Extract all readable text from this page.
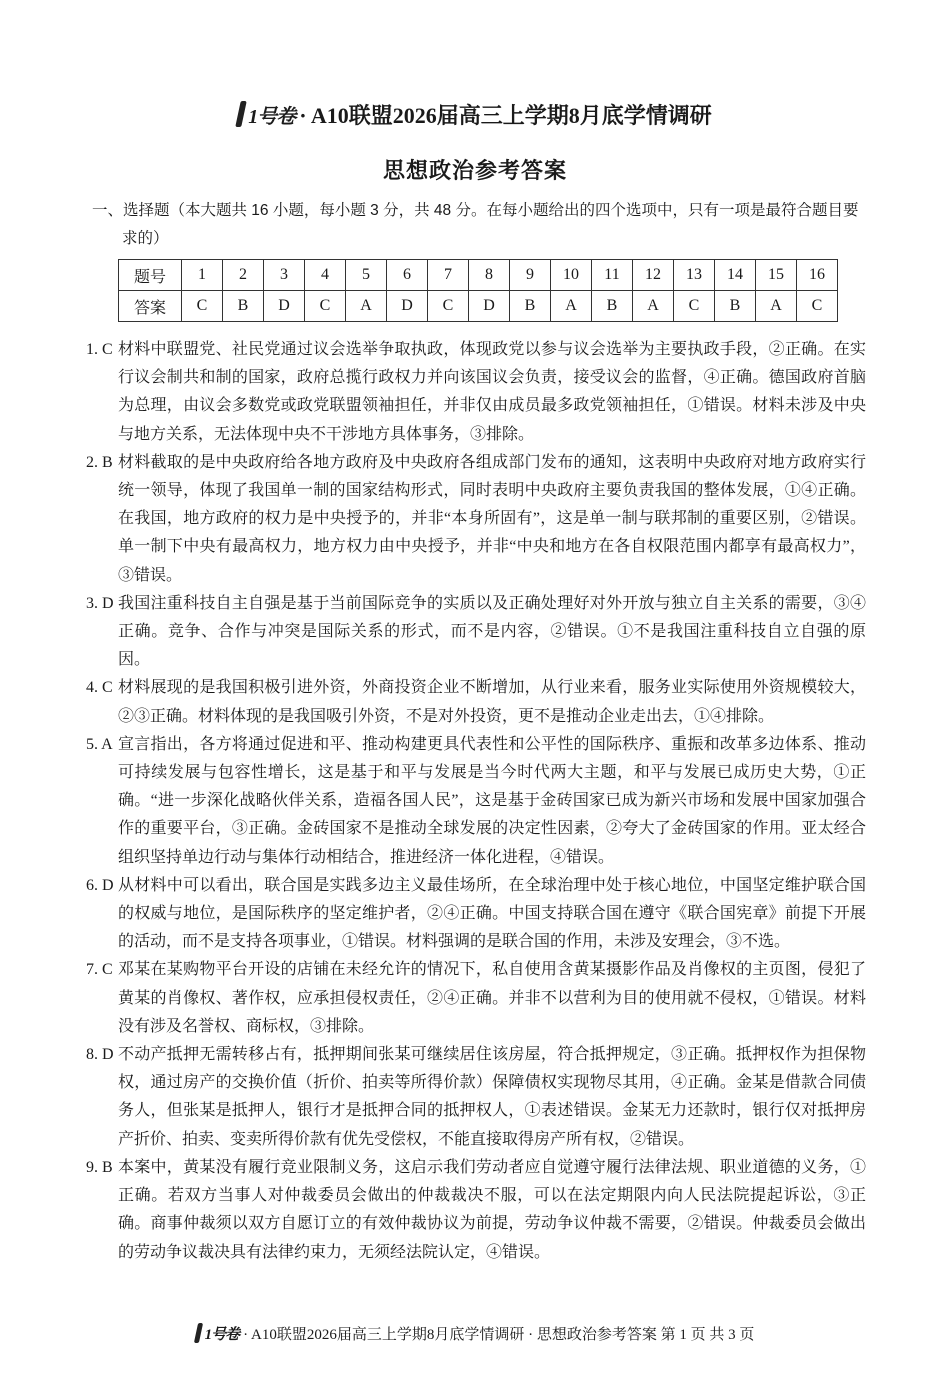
1号卷 · A10联盟2026届高三上学期8月底学情调研
思想政治参考答案
一、选择题（本大题共 16 小题，每小题 3 分，共 48 分。在每小题给出的四个选项中，只有一项是最符合题目要求的）
题号	1	2	3	4	5	6	7	8	9	10	11	12	13	14	15	16
答案	C	B	D	C	A	D	C	D	B	A	B	A	C	B	A	C
1. C 材料中联盟党、社民党通过议会选举争取执政，体现政党以参与议会选举为主要执政手段，②正确。在实行议会制共和制的国家，政府总揽行政权力并向该国议会负责，接受议会的监督，④正确。德国政府首脑为总理，由议会多数党或政党联盟领袖担任，并非仅由成员最多政党领袖担任，①错误。材料未涉及中央与地方关系，无法体现中央不干涉地方具体事务，③排除。
2. B 材料截取的是中央政府给各地方政府及中央政府各组成部门发布的通知，这表明中央政府对地方政府实行统一领导，体现了我国单一制的国家结构形式，同时表明中央政府主要负责我国的整体发展，①④正确。在我国，地方政府的权力是中央授予的，并非“本身所固有”，这是单一制与联邦制的重要区别，②错误。单一制下中央有最高权力，地方权力由中央授予，并非“中央和地方在各自权限范围内都享有最高权力”，③错误。
3. D 我国注重科技自主自强是基于当前国际竞争的实质以及正确处理好对外开放与独立自主关系的需要，③④正确。竞争、合作与冲突是国际关系的形式，而不是内容，②错误。①不是我国注重科技自立自强的原因。
4. C 材料展现的是我国积极引进外资，外商投资企业不断增加，从行业来看，服务业实际使用外资规模较大，②③正确。材料体现的是我国吸引外资，不是对外投资，更不是推动企业走出去，①④排除。
5. A 宣言指出，各方将通过促进和平、推动构建更具代表性和公平性的国际秩序、重振和改革多边体系、推动可持续发展与包容性增长，这是基于和平与发展是当今时代两大主题，和平与发展已成历史大势，①正确。“进一步深化战略伙伴关系，造福各国人民”，这是基于金砖国家已成为新兴市场和发展中国家加强合作的重要平台，③正确。金砖国家不是推动全球发展的决定性因素，②夸大了金砖国家的作用。亚太经合组织坚持单边行动与集体行动相结合，推进经济一体化进程，④错误。
6. D 从材料中可以看出，联合国是实践多边主义最佳场所，在全球治理中处于核心地位，中国坚定维护联合国的权威与地位，是国际秩序的坚定维护者，②④正确。中国支持联合国在遵守《联合国宪章》前提下开展的活动，而不是支持各项事业，①错误。材料强调的是联合国的作用，未涉及安理会，③不选。
7. C 邓某在某购物平台开设的店铺在未经允许的情况下，私自使用含黄某摄影作品及肖像权的主页图，侵犯了黄某的肖像权、著作权，应承担侵权责任，②④正确。并非不以营利为目的使用就不侵权，①错误。材料没有涉及名誉权、商标权，③排除。
8. D 不动产抵押无需转移占有，抵押期间张某可继续居住该房屋，符合抵押规定，③正确。抵押权作为担保物权，通过房产的交换价值（折价、拍卖等所得价款）保障债权实现物尽其用，④正确。金某是借款合同债务人，但张某是抵押人，银行才是抵押合同的抵押权人，①表述错误。金某无力还款时，银行仅对抵押房产折价、拍卖、变卖所得价款有优先受偿权，不能直接取得房产所有权，②错误。
9. B 本案中，黄某没有履行竞业限制义务，这启示我们劳动者应自觉遵守履行法律法规、职业道德的义务，①正确。若双方当事人对仲裁委员会做出的仲裁裁决不服，可以在法定期限内向人民法院提起诉讼，③正确。商事仲裁须以双方自愿订立的有效仲裁协议为前提，劳动争议仲裁不需要，②错误。仲裁委员会做出的劳动争议裁决具有法律约束力，无须经法院认定，④错误。
1号卷 · A10联盟2026届高三上学期8月底学情调研 · 思想政治参考答案 第 1 页 共 3 页
